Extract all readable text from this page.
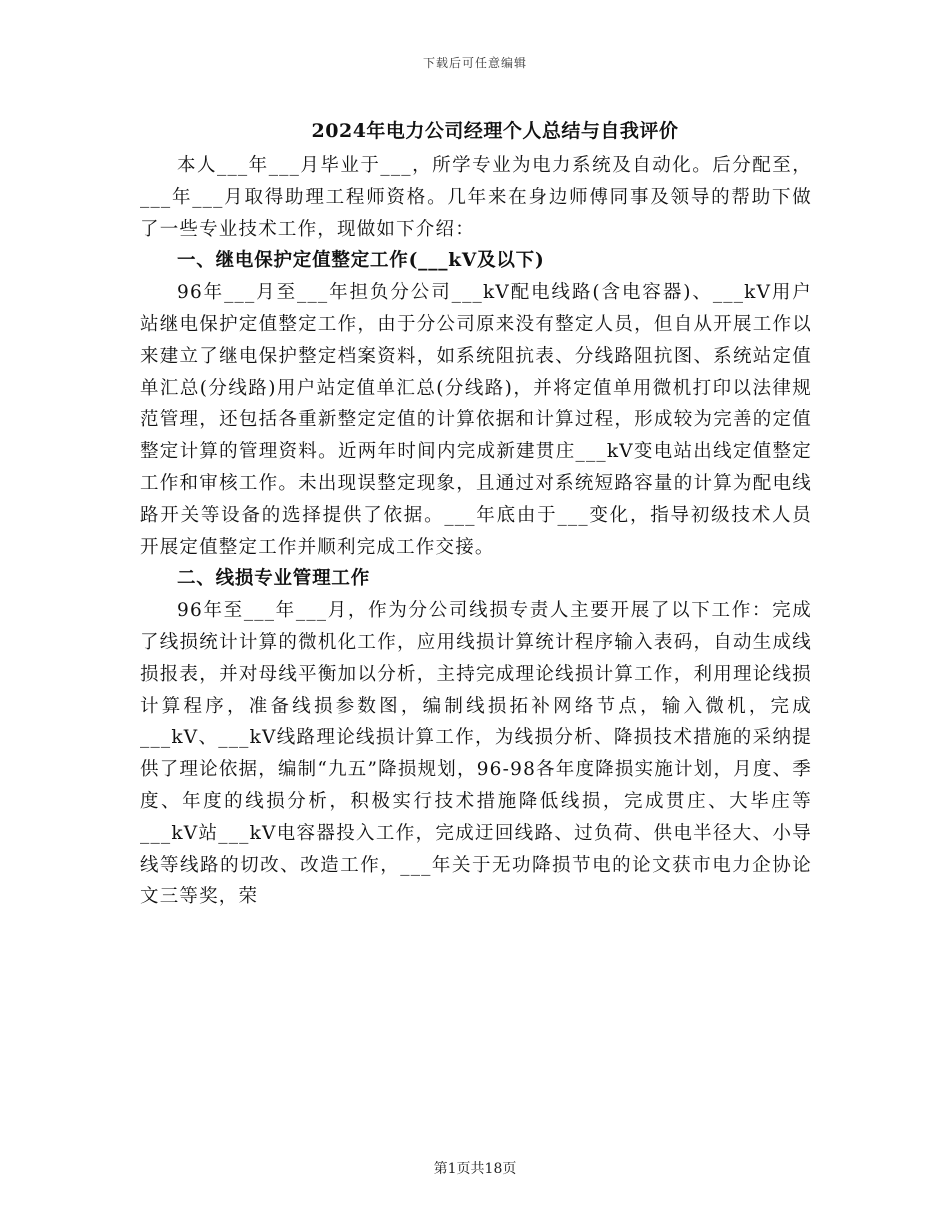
下载后可任意编辑
2024年电力公司经理个人总结与自我评价

本人___年___月毕业于___，所学专业为电力系统及自动化。后分配至，___年___月取得助理工程师资格。几年来在身边师傅同事及领导的帮助下做了一些专业技术工作，现做如下介绍：

一、继电保护定值整定工作(___kV及以下)

96年___月至___年担负分公司___kV配电线路(含电容器)、___kV用户站继电保护定值整定工作，由于分公司原来没有整定人员，但自从开展工作以来建立了继电保护整定档案资料，如系统阻抗表、分线路阻抗图、系统站定值单汇总(分线路)用户站定值单汇总(分线路)，并将定值单用微机打印以法律规范管理，还包括各重新整定定值的计算依据和计算过程，形成较为完善的定值整定计算的管理资料。近两年时间内完成新建贯庄___kV变电站出线定值整定工作和审核工作。未出现误整定现象，且通过对系统短路容量的计算为配电线路开关等设备的选择提供了依据。___年底由于___变化，指导初级技术人员开展定值整定工作并顺利完成工作交接。

二、线损专业管理工作

96年至___年___月，作为分公司线损专责人主要开展了以下工作：完成了线损统计计算的微机化工作，应用线损计算统计程序输入表码，自动生成线损报表，并对母线平衡加以分析，主持完成理论线损计算工作，利用理论线损计算程序，准备线损参数图，编制线损拓补网络节点，输入微机，完成___kV、___kV线路理论线损计算工作，为线损分析、降损技术措施的采纳提供了理论依据，编制“九五”降损规划，96-98各年度降损实施计划，月度、季度、年度的线损分析，积极实行技术措施降低线损，完成贯庄、大毕庄等___kV站___kV电容器投入工作，完成迂回线路、过负荷、供电半径大、小导线等线路的切改、改造工作，___年关于无功降损节电的论文获市电力企协论文三等奖，荣

第1页共18页
